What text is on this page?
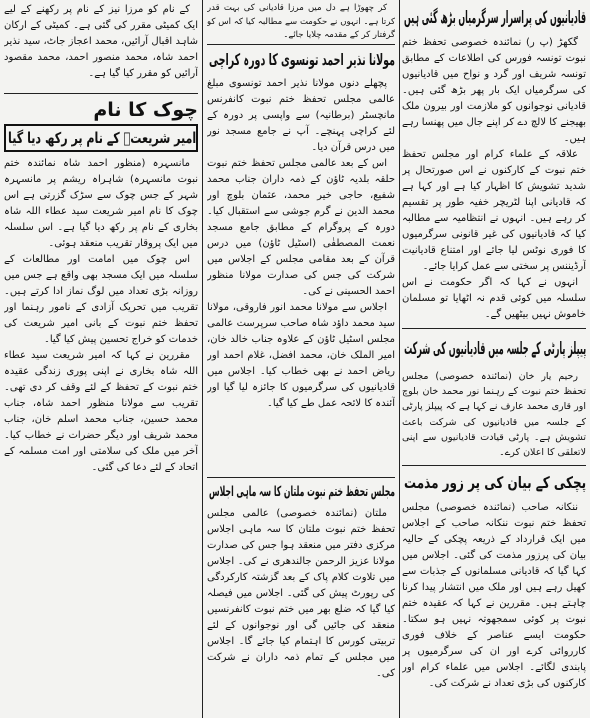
کے نام کو مرزا نیز کے نام پر رکھنے کے لیے ایک کمیٹی مقرر کی گئی ہے۔ کمیٹی کے ارکان شاہد اقبال آرائیں، محمد اعجاز جاٹ، سید نذیر احمد شاہ، محمد منصور احمد، محمد مقصود آرائیں کو مقرر کیا گیا ہے۔

چوک کا نام
امیر شریعتؒ کے نام پر رکھ دیا گیا

مانسہرہ (منظور احمد شاہ نمائندہ ختم نبوت مانسہرہ) شاہراہ ریشم پر مانسہرہ شہر کے جس چوک سے سڑک گزرتی ہے اس چوک کا نام امیر شریعت سید عطاء اللہ شاہ بخاری کے نام پر رکھ دیا گیا ہے۔ اس سلسلہ میں ایک پروقار تقریب منعقد ہوئی۔

اس چوک میں امامت اور مطالعات کے سلسلہ میں ایک مسجد بھی واقع ہے جس میں روزانہ بڑی تعداد میں لوگ نماز ادا کرتے ہیں۔ تقریب میں تحریک آزادی کے نامور رہنما اور تحفظ ختم نبوت کے بانی امیر شریعت کی خدمات کو خراج تحسین پیش کیا گیا۔

مقررین نے کہا کہ امیر شریعت سید عطاء اللہ شاہ بخاری نے اپنی پوری زندگی عقیدہ ختم نبوت کے تحفظ کے لئے وقف کر دی تھی۔ تقریب سے مولانا منظور احمد شاہ، جناب محمد حسین، جناب محمد اسلم خان، جناب محمد شریف اور دیگر حضرات نے خطاب کیا۔ آخر میں ملک کی سلامتی اور امت مسلمہ کے اتحاد کے لئے دعا کی گئی۔

کر چھوڑا ہے دل میں مرزا قادیانی کی بہت قدر کرتا ہے۔ انہوں نے حکومت سے مطالبہ کیا کہ اس کو گرفتار کر کے مقدمہ چلایا جائے۔

مولانا نذیر احمد تونسوی کا دورہ کراچی

پچھلے دنوں مولانا نذیر احمد تونسوی مبلغ عالمی مجلس تحفظ ختم نبوت کانفرنس مانچسٹر (برطانیہ) سے واپسی پر دورہ کے لئے کراچی پہنچے۔ آپ نے جامع مسجد نور میں درس قرآن دیا۔

اس کے بعد عالمی مجلس تحفظ ختم نبوت حلقہ بلدیہ ٹاؤن کے ذمہ داران جناب محمد شفیع، حاجی خیر محمد، عثمان بلوچ اور محمد الدین نے گرم جوشی سے استقبال کیا۔ دورہ کے پروگرام کے مطابق جامع مسجد نعمت المصطفٰی (اسٹیل ٹاؤن) میں درس قرآن کے بعد مقامی مجلس کے اجلاس میں شرکت کی جس کی صدارت مولانا منظور احمد الحسینی نے کی۔

اجلاس سے مولانا محمد انور فاروقی، مولانا سید محمد داؤد شاہ صاحب سرپرست عالمی مجلس اسٹیل ٹاؤن کے علاوہ جناب خالد خان، امیر الملک خان، محمد افضل، غلام احمد اور ریاض احمد نے بھی خطاب کیا۔ اجلاس میں قادیانیوں کی سرگرمیوں کا جائزہ لیا گیا اور آئندہ کا لائحہ عمل طے کیا گیا۔

مجلس تحفظ ختم نبوت ملتان کا سہ ماہی اجلاس

ملتان (نمائندہ خصوصی) عالمی مجلس تحفظ ختم نبوت ملتان کا سہ ماہی اجلاس مرکزی دفتر میں منعقد ہوا جس کی صدارت مولانا عزیز الرحمن جالندھری نے کی۔ اجلاس میں تلاوت کلام پاک کے بعد گزشتہ کارکردگی کی رپورٹ پیش کی گئی۔ اجلاس میں فیصلہ کیا گیا کہ ضلع بھر میں ختم نبوت کانفرنسیں منعقد کی جائیں گی اور نوجوانوں کے لئے تربیتی کورس کا اہتمام کیا جائے گا۔ اجلاس میں مجلس کے تمام ذمہ داران نے شرکت کی۔

قادیانیوں کی پراسرار سرگرمیاں بڑھ گئی ہیں

گکھڑ (پ ر) نمائندہ خصوصی تحفظ ختم نبوت تونسہ فورس کی اطلاعات کے مطابق تونسہ شریف اور گرد و نواح میں قادیانیوں کی سرگرمیاں ایک بار پھر بڑھ گئی ہیں۔ قادیانی نوجوانوں کو ملازمت اور بیرون ملک بھیجنے کا لالچ دے کر اپنے جال میں پھنسا رہے ہیں۔

علاقہ کے علماء کرام اور مجلس تحفظ ختم نبوت کے کارکنوں نے اس صورتحال پر شدید تشویش کا اظہار کیا ہے اور کہا ہے کہ قادیانی اپنا لٹریچر خفیہ طور پر تقسیم کر رہے ہیں۔ انہوں نے انتظامیہ سے مطالبہ کیا کہ قادیانیوں کی غیر قانونی سرگرمیوں کا فوری نوٹس لیا جائے اور امتناع قادیانیت آرڈیننس پر سختی سے عمل کرایا جائے۔

انہوں نے کہا کہ اگر حکومت نے اس سلسلہ میں کوئی قدم نہ اٹھایا تو مسلمان خاموش نہیں بیٹھیں گے۔

پیپلز پارٹی کے جلسہ میں قادیانیوں کی شرکت

رحیم یار خان (نمائندہ خصوصی) مجلس تحفظ ختم نبوت کے رہنما نور محمد خان بلوچ اور قاری محمد عارف نے کہا ہے کہ پیپلز پارٹی کے جلسہ میں قادیانیوں کی شرکت باعث تشویش ہے۔ پارٹی قیادت قادیانیوں سے اپنی لاتعلقی کا اعلان کرے۔

پچکی کے بیان کی پر زور مذمت

ننکانہ صاحب (نمائندہ خصوصی) مجلس تحفظ ختم نبوت ننکانہ صاحب کے اجلاس میں ایک قرارداد کے ذریعہ پچکی کے حالیہ بیان کی پرزور مذمت کی گئی۔ اجلاس میں کہا گیا کہ قادیانی مسلمانوں کے جذبات سے کھیل رہے ہیں اور ملک میں انتشار پیدا کرنا چاہتے ہیں۔ مقررین نے کہا کہ عقیدہ ختم نبوت پر کوئی سمجھوتہ نہیں ہو سکتا۔ حکومت ایسے عناصر کے خلاف فوری کارروائی کرے اور ان کی سرگرمیوں پر پابندی لگائے۔ اجلاس میں علماء کرام اور کارکنوں کی بڑی تعداد نے شرکت کی۔
